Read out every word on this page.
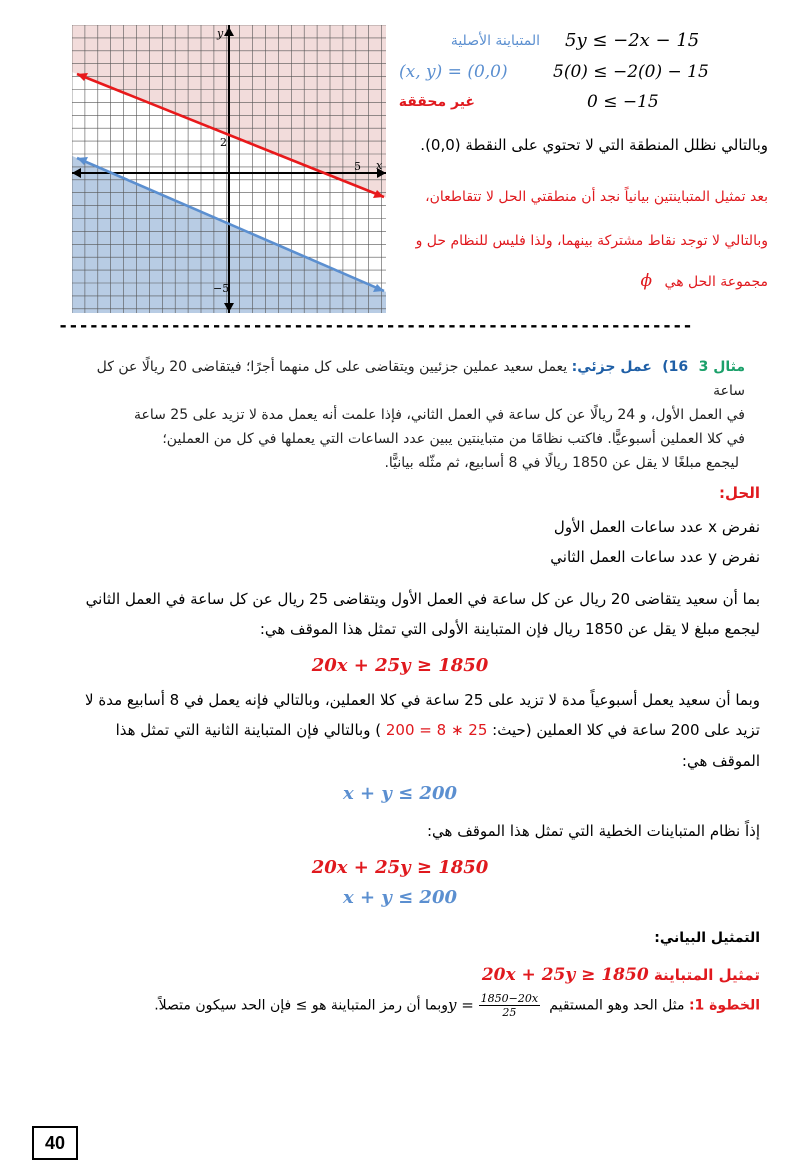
y
x
2
5
−5
المتباينة الأصلية 5y ≤ −2x − 15
(x, y) = (0,0)	5(0) ≤ −2(0) − 15
غير محققة	0 ≤ −15
وبالتالي نظلل المنطقة التي لا تحتوي على النقطة (0,0).
بعد تمثيل المتباينتين بيانياً نجد أن منطقتي الحل لا تتقاطعان،
وبالتالي لا توجد نقاط مشتركة بينهما، ولذا فليس للنظام حل و
مجموعة الحل هي ϕ
--------------------------------------------------------------
مثال 3 16) عمل جزئي: يعمل سعيد عملين جزئيين ويتقاضى على كل منهما أجرًا؛ فيتقاضى 20 ريالًا عن كل ساعة
في العمل الأول، و 24 ريالًا عن كل ساعة في العمل الثاني، فإذا علمت أنه يعمل مدة لا تزيد على 25 ساعة
في كلا العملين أسبوعيًّا. فاكتب نظامًا من متباينتين يبين عدد الساعات التي يعملها في كل من العملين؛
ليجمع مبلغًا لا يقل عن 1850 ريالًا في 8 أسابيع، ثم مثّله بيانيًّا.
الحل:
نفرض x عدد ساعات العمل الأول
نفرض y عدد ساعات العمل الثاني
بما أن سعيد يتقاضى 20 ريال عن كل ساعة في العمل الأول ويتقاضى 25 ريال عن كل ساعة في العمل الثاني
ليجمع مبلغ لا يقل عن 1850 ريال فإن المتباينة الأولى التي تمثل هذا الموقف هي:
20x + 25y ≥ 1850
وبما أن سعيد يعمل أسبوعياً مدة لا تزيد على 25 ساعة في كلا العملين، وبالتالي فإنه يعمل في 8 أسابيع مدة لا
تزيد على 200 ساعة في كلا العملين (حيث: 25 ∗ 8 = 200 ) وبالتالي فإن المتباينة الثانية التي تمثل هذا
الموقف هي:
x + y ≤ 200
إذاً نظام المتباينات الخطية التي تمثل هذا الموقف هي:
20x + 25y ≥ 1850
x + y ≤ 200
التمثيل البياني:
تمثيل المتباينة 20x + 25y ≥ 1850
الخطوة 1: مثل الحد وهو المستقيم $y = \frac{1850-20x}{25}$
وبما أن رمز المتباينة هو ≥ فإن الحد سيكون متصلاً.
40
